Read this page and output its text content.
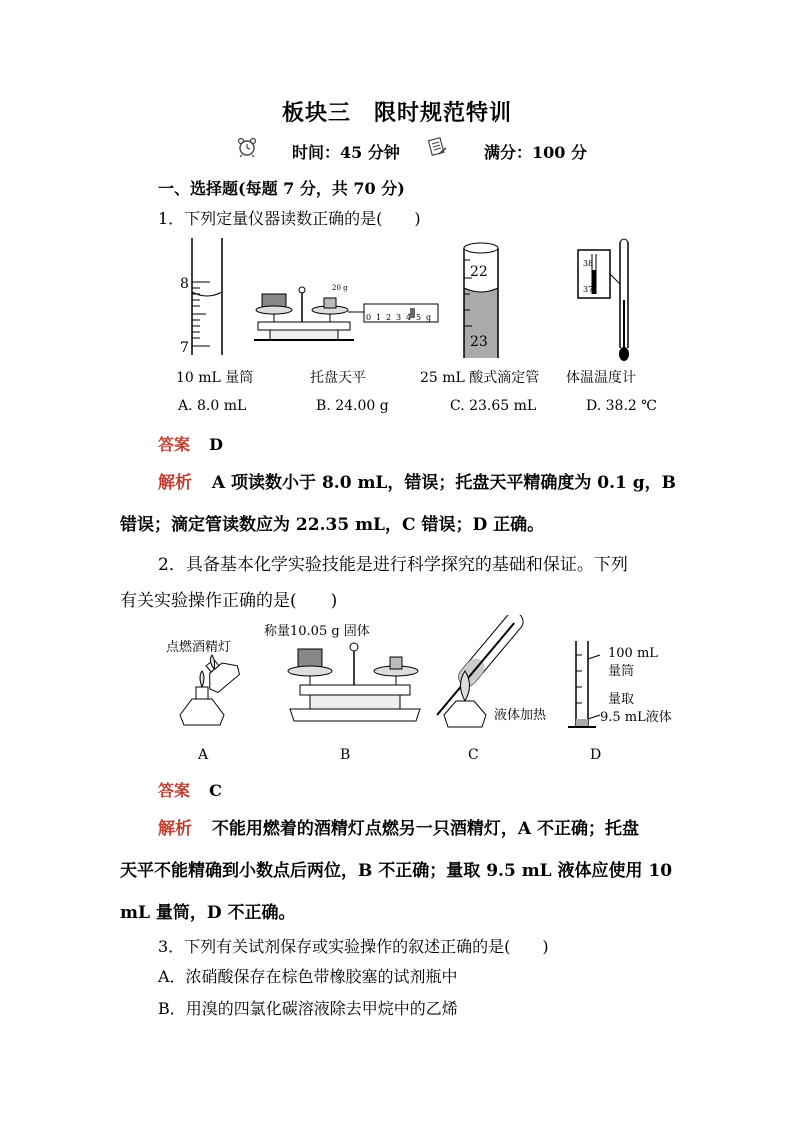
板块三　限时规范特训
时间：45 分钟	满分：100 分
一、选择题(每题 7 分，共 70 分)
1．下列定量仪器读数正确的是(　　)
8
7
20 g
0 1 2 3 4 5 g
22
23
38
37
10 mL 量筒	托盘天平	25 mL 酸式滴定管 体温温度计
A. 8.0 mL	B. 24.00 g	C. 23.65 mL	D. 38.2 ℃
答案 D
解析 A 项读数小于 8.0 mL，错误；托盘天平精确度为 0.1 g，B
错误；滴定管读数应为 22.35 mL，C 错误；D 正确。
2．具备基本化学实验技能是进行科学探究的基础和保证。下列
有关实验操作正确的是(　　)
点燃酒精灯
称量10.05 g 固体
液体加热
100 mL
量筒
量取
9.5 mL液体
A	B	C	D
答案 C
解析 不能用燃着的酒精灯点燃另一只酒精灯，A 不正确；托盘
天平不能精确到小数点后两位，B 不正确；量取 9.5 mL 液体应使用 10
mL 量筒，D 不正确。
3．下列有关试剂保存或实验操作的叙述正确的是(　　)
A．浓硝酸保存在棕色带橡胶塞的试剂瓶中
B．用溴的四氯化碳溶液除去甲烷中的乙烯
